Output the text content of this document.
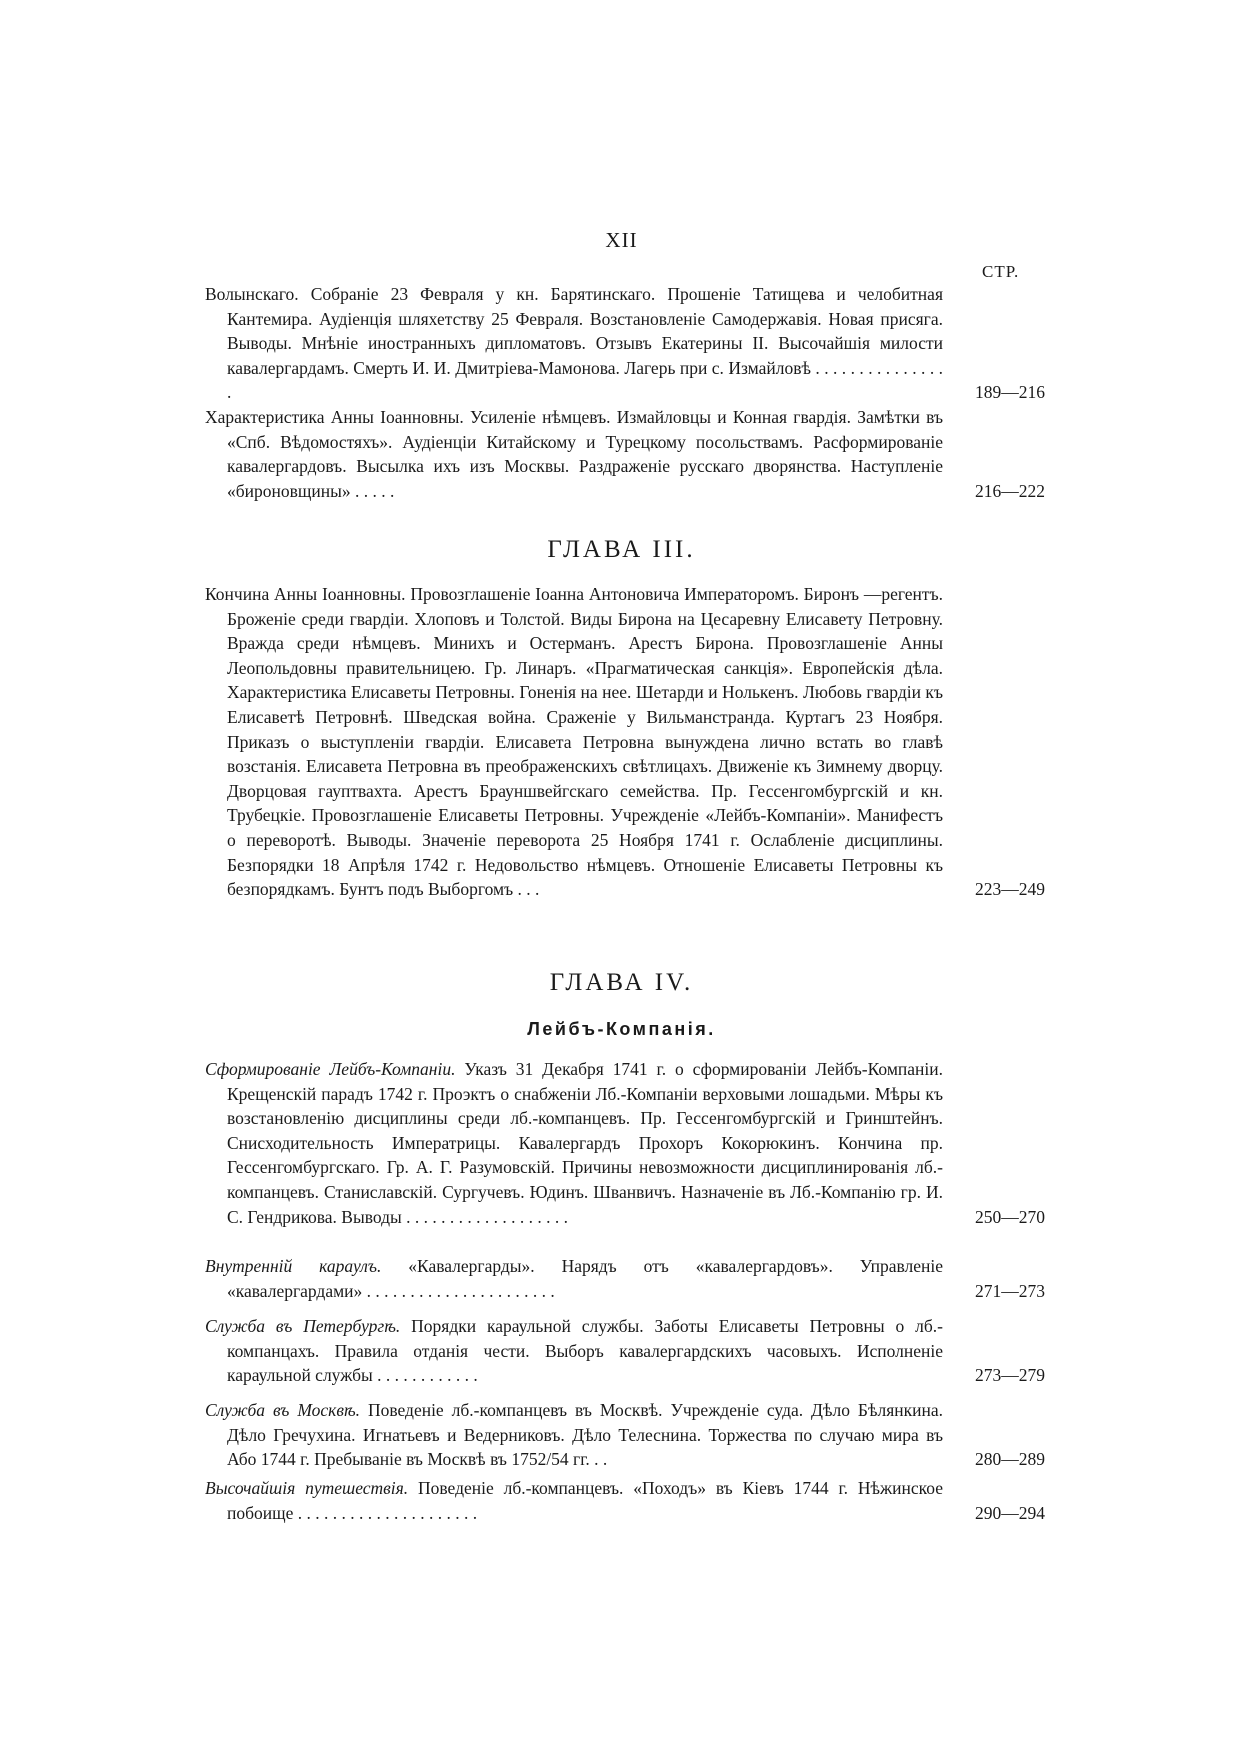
XII
СТР.
Волынскаго. Собраніе 23 Февраля у кн. Барятинскаго. Прошеніе Татищева и челобитная Кантемира. Аудіенція шляхетству 25 Февраля. Возстановленіе Самодержавія. Новая присяга. Выводы. Мнѣніе иностранныхъ дипломатовъ. Отзывъ Екатерины II. Высочайшія милости кавалергардамъ. Смерть И. И. Дмитріева-Мамонова. Лагерь при с. Измайловѣ . . . . . . . . . . . . . . . .	189—216
Характеристика Анны Іоанновны. Усиленіе нѣмцевъ. Измайловцы и Конная гвардія. Замѣтки въ «Спб. Вѣдомостяхъ». Аудіенціи Китайскому и Турецкому посольствамъ. Расформированіе кавалергардовъ. Высылка ихъ изъ Москвы. Раздраженіе русскаго дворянства. Наступленіе «бироновщины» . . . . .	216—222
ГЛАВА III.
Кончина Анны Іоанновны. Провозглашеніе Іоанна Антоновича Императоромъ. Биронъ —регентъ. Броженіе среди гвардіи. Хлоповъ и Толстой. Виды Бирона на Цесаревну Елисавету Петровну. Вражда среди нѣмцевъ. Минихъ и Остерманъ. Арестъ Бирона. Провозглашеніе Анны Леопольдовны правительницею. Гр. Линаръ. «Прагматическая санкція». Европейскія дѣла. Характеристика Елисаветы Петровны. Гоненія на нее. Шетарди и Нолькенъ. Любовь гвардіи къ Елисаветѣ Петровнѣ. Шведская война. Сраженіе у Вильманстранда. Куртагъ 23 Ноября. Приказъ о выступленіи гвардіи. Елисавета Петровна вынуждена лично встать во главѣ возстанія. Елисавета Петровна въ преображенскихъ свѣтлицахъ. Движеніе къ Зимнему дворцу. Дворцовая гауптвахта. Арестъ Брауншвейгскаго семейства. Пр. Гессенгомбургскій и кн. Трубецкіе. Провозглашеніе Елисаветы Петровны. Учрежденіе «Лейбъ-Компаніи». Манифестъ о переворотѣ. Выводы. Значеніе переворота 25 Ноября 1741 г. Ослабленіе дисциплины. Безпорядки 18 Апрѣля 1742 г. Недовольство нѣмцевъ. Отношеніе Елисаветы Петровны къ безпорядкамъ. Бунтъ подъ Выборгомъ . . .	223—249
ГЛАВА IV.
Лейбъ-Компанія.
Сформированіе Лейбъ-Компаніи. Указъ 31 Декабря 1741 г. о сформированіи Лейбъ-Компаніи. Крещенскій парадъ 1742 г. Проэктъ о снабженіи Лб.-Компаніи верховыми лошадьми. Мѣры къ возстановленію дисциплины среди лб.-компанцевъ. Пр. Гессенгомбургскій и Гринштейнъ. Снисходительность Императрицы. Кавалергардъ Прохоръ Кокорюкинъ. Кончина пр. Гессенгомбургскаго. Гр. А. Г. Разумовскій. Причины невозможности дисциплинированія лб.-компанцевъ. Станиславскій. Сургучевъ. Юдинъ. Шванвичъ. Назначеніе въ Лб.-Компанію гр. И. С. Гендрикова. Выводы . . . . . . . . . . . . . . . . . . .	250—270
Внутренній караулъ. «Кавалергарды». Нарядъ отъ «кавалергардовъ». Управленіе «кавалергардами» . . . . . . . . . . . . . . . . . . . . . .	271—273
Служба въ Петербургѣ. Порядки караульной службы. Заботы Елисаветы Петровны о лб.-компанцахъ. Правила отданія чести. Выборъ кавалергардскихъ часовыхъ. Исполненіе караульной службы . . . . . . . . . . . .	273—279
Служба въ Москвѣ. Поведеніе лб.-компанцевъ въ Москвѣ. Учрежденіе суда. Дѣло Бѣлянкина. Дѣло Гречухина. Игнатьевъ и Ведерниковъ. Дѣло Телеснина. Торжества по случаю мира въ Або 1744 г. Пребываніе въ Москвѣ въ 1752/54 гг. . .	280—289
Высочайшія путешествія. Поведеніе лб.-компанцевъ. «Походъ» въ Кіевъ 1744 г. Нѣжинское побоище . . . . . . . . . . . . . . . . . . . . .	290—294
